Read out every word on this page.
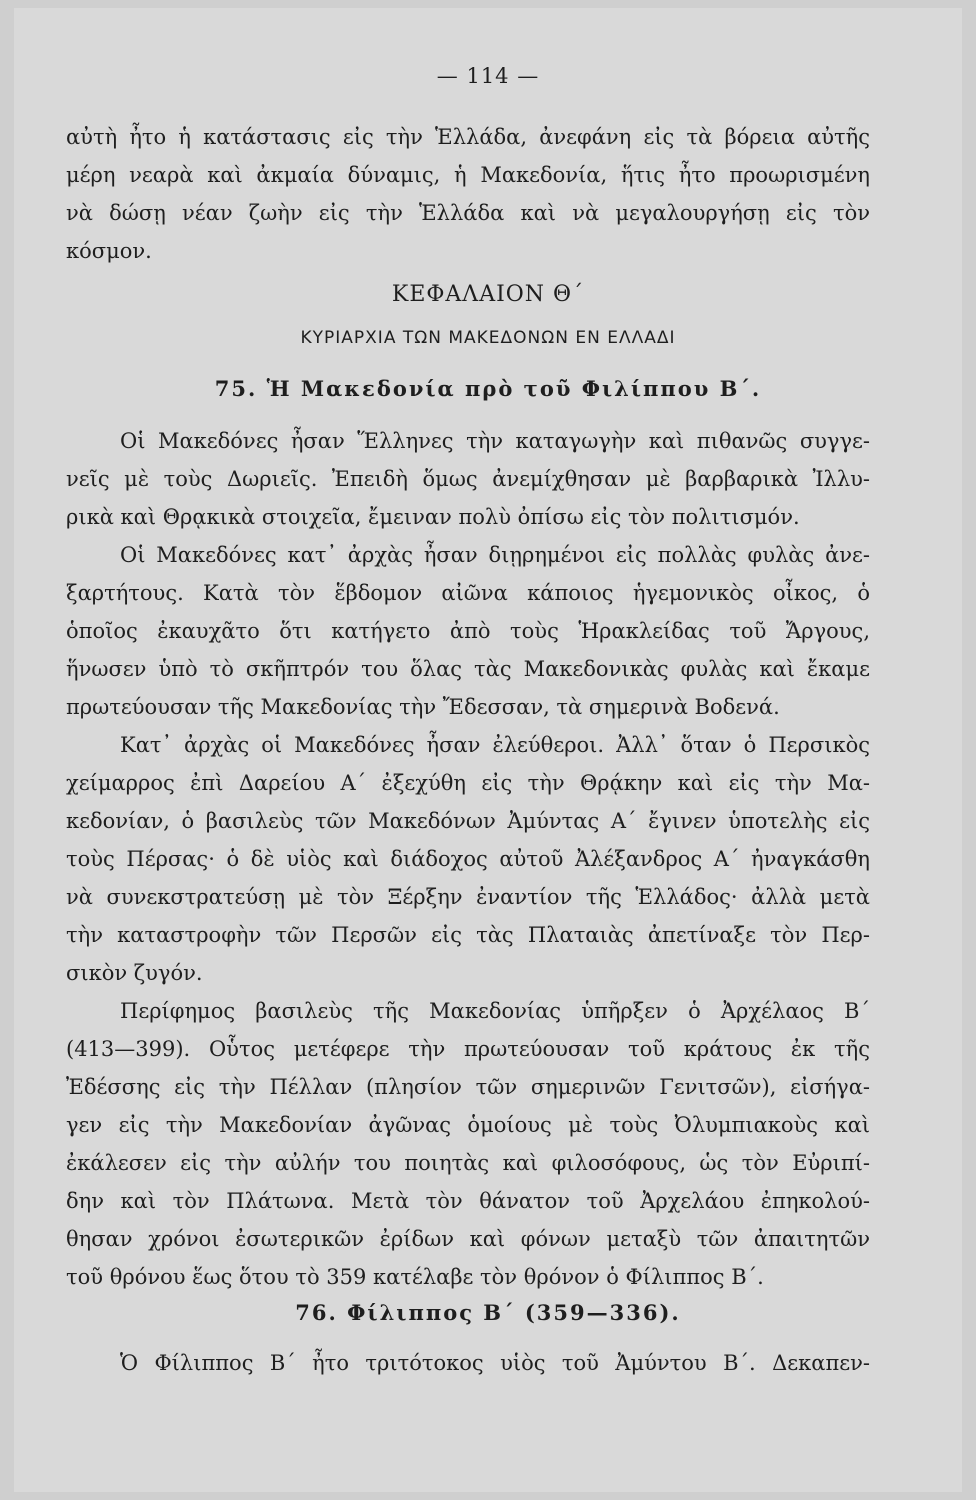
— 114 —
αὐτὴ ἦτο ἡ κατάστασις εἰς τὴν Ἑλλάδα, ἀνεφάνη εἰς τὰ βόρεια αὐτῆς
μέρη νεαρὰ καὶ ἀκμαία δύναμις, ἡ Μακεδονία, ἥτις ἦτο προωρισμένη
νὰ δώσῃ νέαν ζωὴν εἰς τὴν Ἑλλάδα καὶ νὰ μεγαλουργήσῃ εἰς τὸν
κόσμον.
ΚΕΦΑΛΑΙΟΝ Θ΄
ΚΥΡΙΑΡΧΙΑ ΤΩΝ ΜΑΚΕΔΟΝΩΝ ΕΝ ΕΛΛΑΔΙ
75. Ἡ Μακεδονία πρὸ τοῦ Φιλίππου Β΄.
Οἱ Μακεδόνες ἦσαν Ἕλληνες τὴν καταγωγὴν καὶ πιθανῶς συγγε-
νεῖς μὲ τοὺς Δωριεῖς. Ἐπειδὴ ὅμως ἀνεμίχθησαν μὲ βαρβαρικὰ Ἰλλυ-
ρικὰ καὶ Θρᾳκικὰ στοιχεῖα, ἔμειναν πολὺ ὀπίσω εἰς τὸν πολιτισμόν.
Οἱ Μακεδόνες κατ᾽ ἀρχὰς ἦσαν διῃρημένοι εἰς πολλὰς φυλὰς ἀνε-
ξαρτήτους. Κατὰ τὸν ἕβδομον αἰῶνα κάποιος ἡγεμονικὸς οἶκος, ὁ
ὁποῖος ἐκαυχᾶτο ὅτι κατήγετο ἀπὸ τοὺς Ἡρακλείδας τοῦ Ἄργους,
ἥνωσεν ὑπὸ τὸ σκῆπτρόν του ὅλας τὰς Μακεδονικὰς φυλὰς καὶ ἔκαμε
πρωτεύουσαν τῆς Μακεδονίας τὴν Ἔδεσσαν, τὰ σημερινὰ Βοδενά.
Κατ᾽ ἀρχὰς οἱ Μακεδόνες ἦσαν ἐλεύθεροι. Ἀλλ᾽ ὅταν ὁ Περσικὸς
χείμαρρος ἐπὶ Δαρείου Α΄ ἐξεχύθη εἰς τὴν Θρᾴκην καὶ εἰς τὴν Μα-
κεδονίαν, ὁ βασιλεὺς τῶν Μακεδόνων Ἀμύντας Α΄ ἔγινεν ὑποτελὴς εἰς
τοὺς Πέρσας· ὁ δὲ υἱὸς καὶ διάδοχος αὐτοῦ Ἀλέξανδρος Α΄ ἠναγκάσθη
νὰ συνεκστρατεύσῃ μὲ τὸν Ξέρξην ἐναντίον τῆς Ἑλλάδος· ἀλλὰ μετὰ
τὴν καταστροφὴν τῶν Περσῶν εἰς τὰς Πλαταιὰς ἀπετίναξε τὸν Περ-
σικὸν ζυγόν.
Περίφημος βασιλεὺς τῆς Μακεδονίας ὑπῆρξεν ὁ Ἀρχέλαος Β΄
(413—399). Οὗτος μετέφερε τὴν πρωτεύουσαν τοῦ κράτους ἐκ τῆς
Ἐδέσσης εἰς τὴν Πέλλαν (πλησίον τῶν σημερινῶν Γενιτσῶν), εἰσήγα-
γεν εἰς τὴν Μακεδονίαν ἀγῶνας ὁμοίους μὲ τοὺς Ὀλυμπιακοὺς καὶ
ἐκάλεσεν εἰς τὴν αὐλήν του ποιητὰς καὶ φιλοσόφους, ὡς τὸν Εὐριπί-
δην καὶ τὸν Πλάτωνα. Μετὰ τὸν θάνατον τοῦ Ἀρχελάου ἐπηκολού-
θησαν χρόνοι ἐσωτερικῶν ἐρίδων καὶ φόνων μεταξὺ τῶν ἀπαιτητῶν
τοῦ θρόνου ἕως ὅτου τὸ 359 κατέλαβε τὸν θρόνον ὁ Φίλιππος Β΄.
76. Φίλιππος Β΄ (359—336).
Ὁ Φίλιππος Β΄ ἦτο τριτότοκος υἱὸς τοῦ Ἀμύντου Β΄. Δεκαπεν-
